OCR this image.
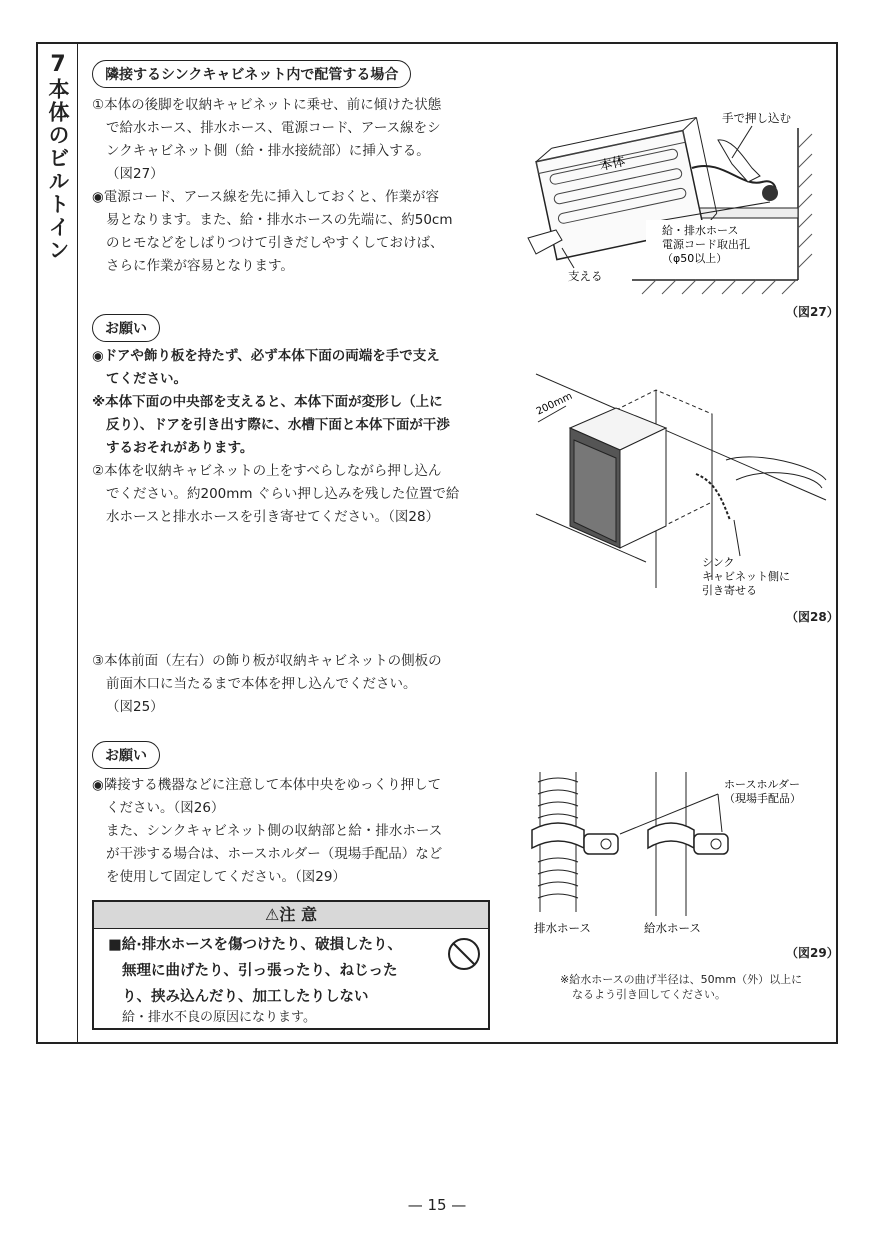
7
本体のビルトイン
隣接するシンクキャビネット内で配管する場合
①本体の後脚を収納キャビネットに乗せ、前に傾けた状態
で給水ホース、排水ホース、電源コード、アース線をシ
ンクキャビネット側（給・排水接続部）に挿入する。
（図27）
◉電源コード、アース線を先に挿入しておくと、作業が容
易となります。また、給・排水ホースの先端に、約50cm
のヒモなどをしばりつけて引きだしやすくしておけば、
さらに作業が容易となります。
本体
手で押し込む
給・排水ホース
電源コード取出孔
（φ50以上）
支える
（図27）
お願い
◉ドアや飾り板を持たず、必ず本体下面の両端を手で支え
てください。
※本体下面の中央部を支えると、本体下面が変形し（上に
反り）、ドアを引き出す際に、水槽下面と本体下面が干渉
するおそれがあります。
②本体を収納キャビネットの上をすべらしながら押し込ん
でください。約200mm ぐらい押し込みを残した位置で給
水ホースと排水ホースを引き寄せてください。（図28）
200mm
シンク
キャビネット側に
引き寄せる
（図28）
③本体前面（左右）の飾り板が収納キャビネットの側板の
前面木口に当たるまで本体を押し込んでください。
（図25）
お願い
◉隣接する機器などに注意して本体中央をゆっくり押して
ください。（図26）
また、シンクキャビネット側の収納部と給・排水ホース
が干渉する場合は、ホースホルダー（現場手配品）など
を使用して固定してください。（図29）
⚠注 意
■給·排水ホースを傷つけたり、破損したり、
無理に曲げたり、引っ張ったり、ねじった
り、挟み込んだり、加工したりしない
給・排水不良の原因になります。
ホースホルダー
（現場手配品）
排水ホース	給水ホース
（図29）
※給水ホースの曲げ半径は、50mm（外）以上に
なるよう引き回してください。
— 15 —
